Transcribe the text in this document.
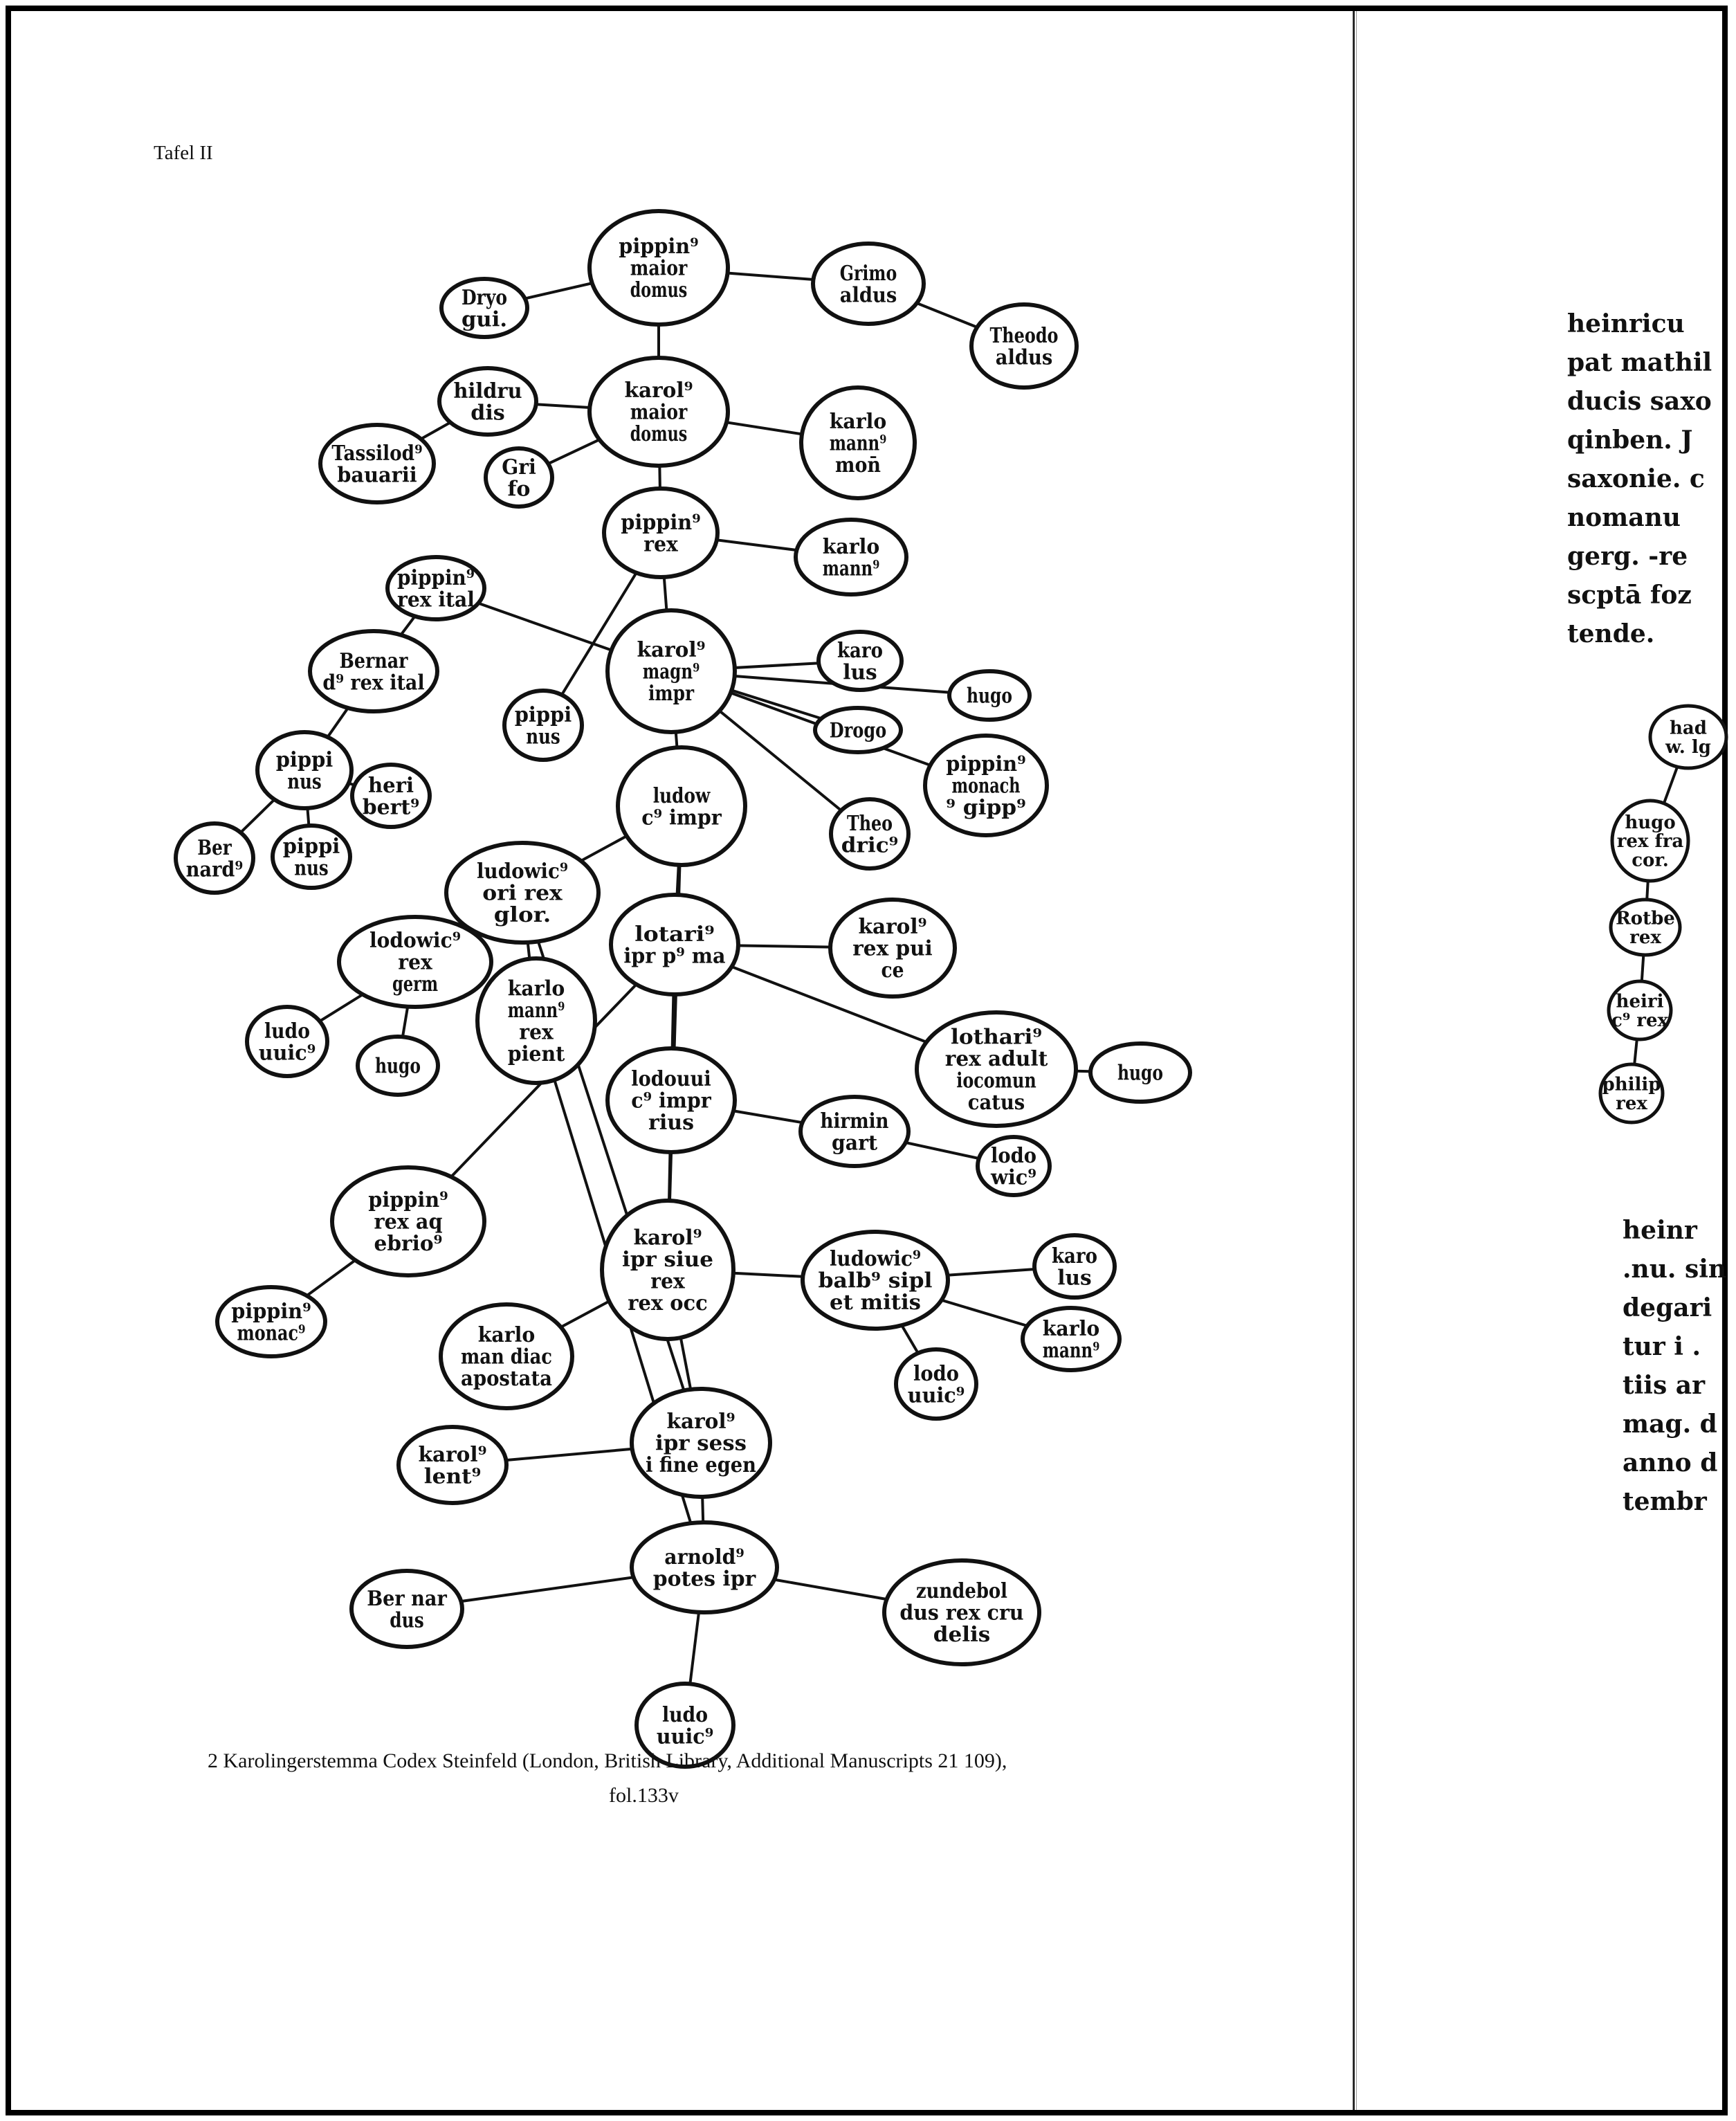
Tafel II
pippin⁹
maior
domus
Dryo
gui.
Grimo
aldus
Theodo
aldus
karol⁹
maior
domus
hildru
dis
Tassilod⁹
bauarii	Gri
fo
karlo
mann⁹
mon̄
pippin⁹
rex	karlo
mann⁹
pippin⁹
rex ital
karol⁹
magn⁹
impr
karo
lus
hugo
Drogo
pippin⁹
monach
⁹ gipp⁹
Theo
dric⁹
pippi
nus
Bernar
d⁹ rex ital
pippi
nus heri
bert⁹
Ber
nard⁹
pippi
nus
ludow
c⁹ impr
ludowic⁹
ori rex
glor.
lotari⁹
ipr p⁹ ma
karol⁹
rex pui
ce
lodowic⁹
rex
germ	karlo
mann⁹
rex
pient
lothari⁹
rex adult
iocomun
catus
hugo
ludo
uuic⁹
hugo
lodouui
c⁹ impr
rius	hirmin
gart
lodo
wic⁹
pippin⁹
rex aq
ebrio⁹
pippin⁹
monac⁹
karol⁹
ipr siue
rex
rex occ
ludowic⁹
balb⁹ sipl
et mitis
karo
lus
karlo
mann⁹
lodo
uuic⁹
karlo
man diac
apostata
karol⁹
ipr sess
i fine egen
karol⁹
lent⁹
arnold⁹
potes ipr
zundebol
dus rex cru
delis
Ber nar
dus
ludo
uuic⁹
heinricu
pat mathil
ducis saxo
qinben. J
saxonie. c
nomanu
gerg. -re
scptā foz
tende.
heinr
.nu. sin
degari
tur i .
tiis ar
mag. d
anno d
tembr
had
w. lg
hugo
rex fra
cor.
Rotbe
rex
heiri
c⁹ rex
philip
rex
2 Karolingerstemma Codex Steinfeld (London, British Library, Additional Manuscripts 21 109),
fol.133v
